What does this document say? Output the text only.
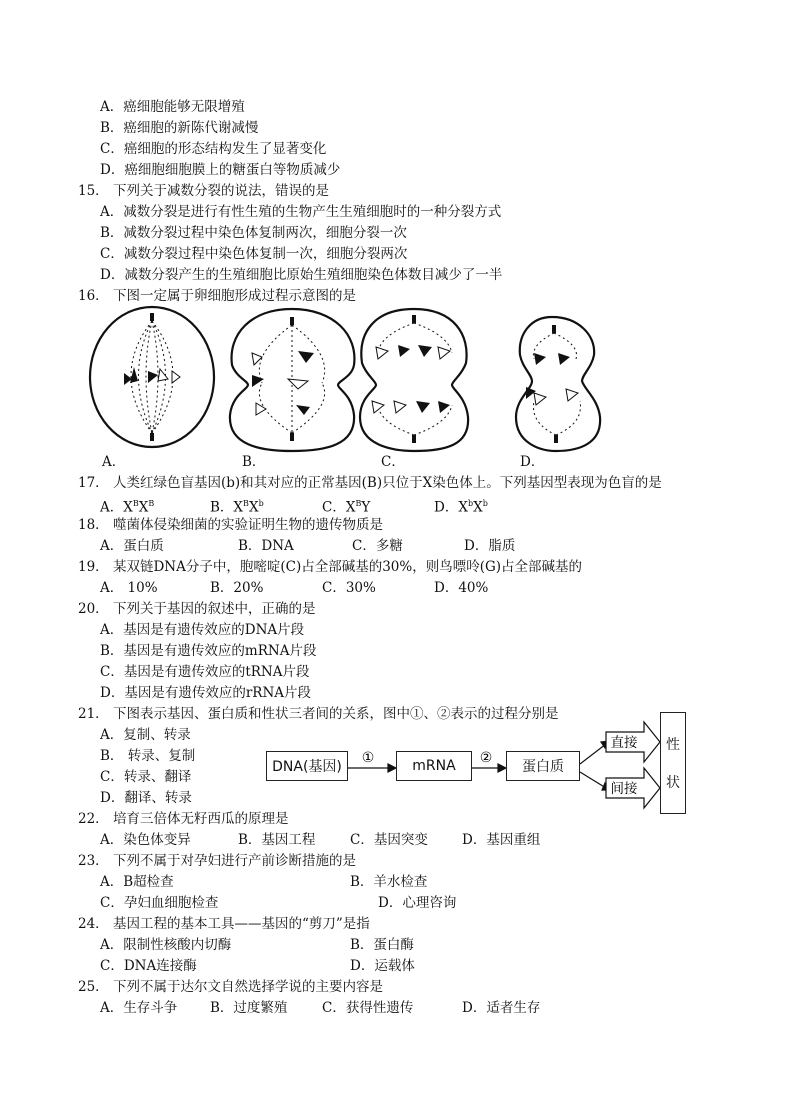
A．癌细胞能够无限增殖
B．癌细胞的新陈代谢减慢
C．癌细胞的形态结构发生了显著变化
D．癌细胞细胞膜上的糖蛋白等物质减少
15． 下列关于减数分裂的说法，错误的是
A．减数分裂是进行有性生殖的生物产生生殖细胞时的一种分裂方式
B．减数分裂过程中染色体复制两次，细胞分裂一次
C．减数分裂过程中染色体复制一次，细胞分裂两次
D．减数分裂产生的生殖细胞比原始生殖细胞染色体数目减少了一半
16． 下图一定属于卵细胞形成过程示意图的是
A．	B．	C．	D．
17． 人类红绿色盲基因(b)和其对应的正常基因(B)只位于X染色体上。下列基因型表现为色盲的是
A．$X^BX^B$	B．$X^BX^b$	C．$X^BY$	D．$X^bX^b$
18． 噬菌体侵染细菌的实验证明生物的遗传物质是
A．蛋白质	B．DNA	C．多糖	D．脂质
19． 某双链DNA分子中，胞嘧啶(C)占全部碱基的30%，则鸟嘌呤(G)占全部碱基的
A． 10%	B．20%	C．30%	D．40%
20． 下列关于基因的叙述中，正确的是
A．基因是有遗传效应的DNA片段
B．基因是有遗传效应的mRNA片段
C．基因是有遗传效应的tRNA片段
D．基因是有遗传效应的rRNA片段
21． 下图表示基因、蛋白质和性状三者间的关系，图中①、②表示的过程分别是
A．复制、转录
B． 转录、复制
C．转录、翻译
D．翻译、转录
①	②
直接
间接
DNA(基因)	mRNA	蛋白质
性
状
22． 培育三倍体无籽西瓜的原理是
A．染色体变异	B．基因工程	C．基因突变	D．基因重组
23． 下列不属于对孕妇进行产前诊断措施的是
A．B超检查	B．羊水检查
C．孕妇血细胞检查	D．心理咨询
24． 基因工程的基本工具——基因的“剪刀”是指
A．限制性核酸内切酶	B．蛋白酶
C．DNA连接酶	D．运载体
25． 下列不属于达尔文自然选择学说的主要内容是
A．生存斗争 B．过度繁殖	C．获得性遗传	D．适者生存
